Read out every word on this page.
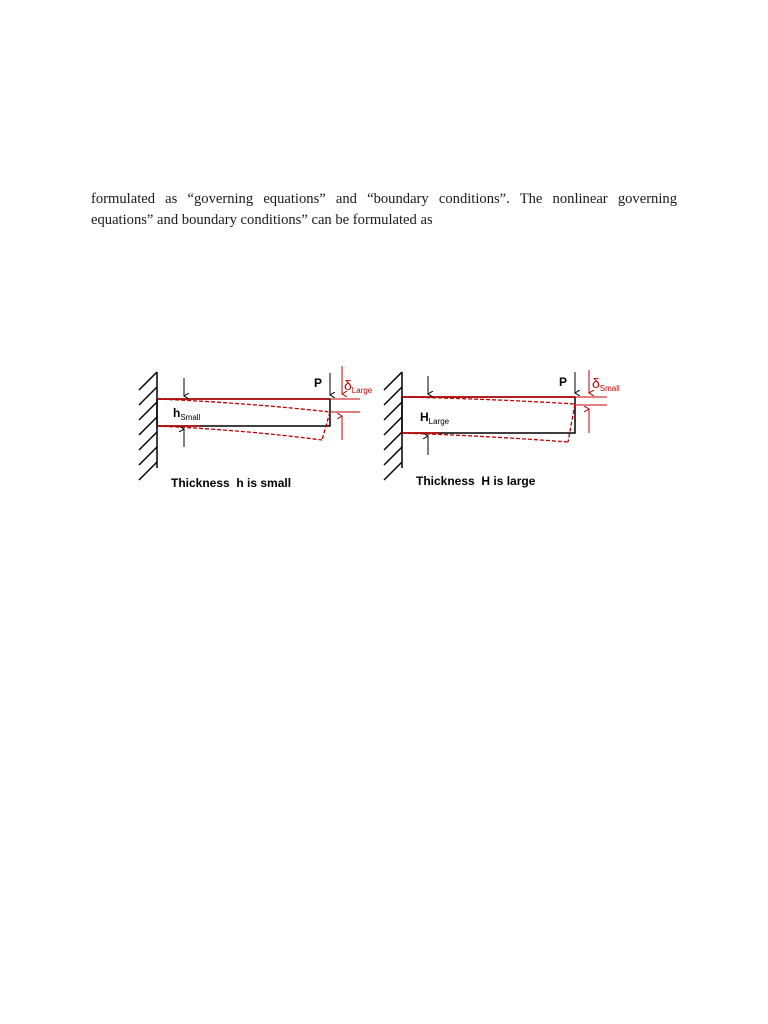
formulated as “governing equations” and “boundary conditions”. The nonlinear governing
equations” and boundary conditions” can be formulated as

P δLarge
hSmall
Thickness  h is small
P δSmall
HLarge
Thickness  H is large
